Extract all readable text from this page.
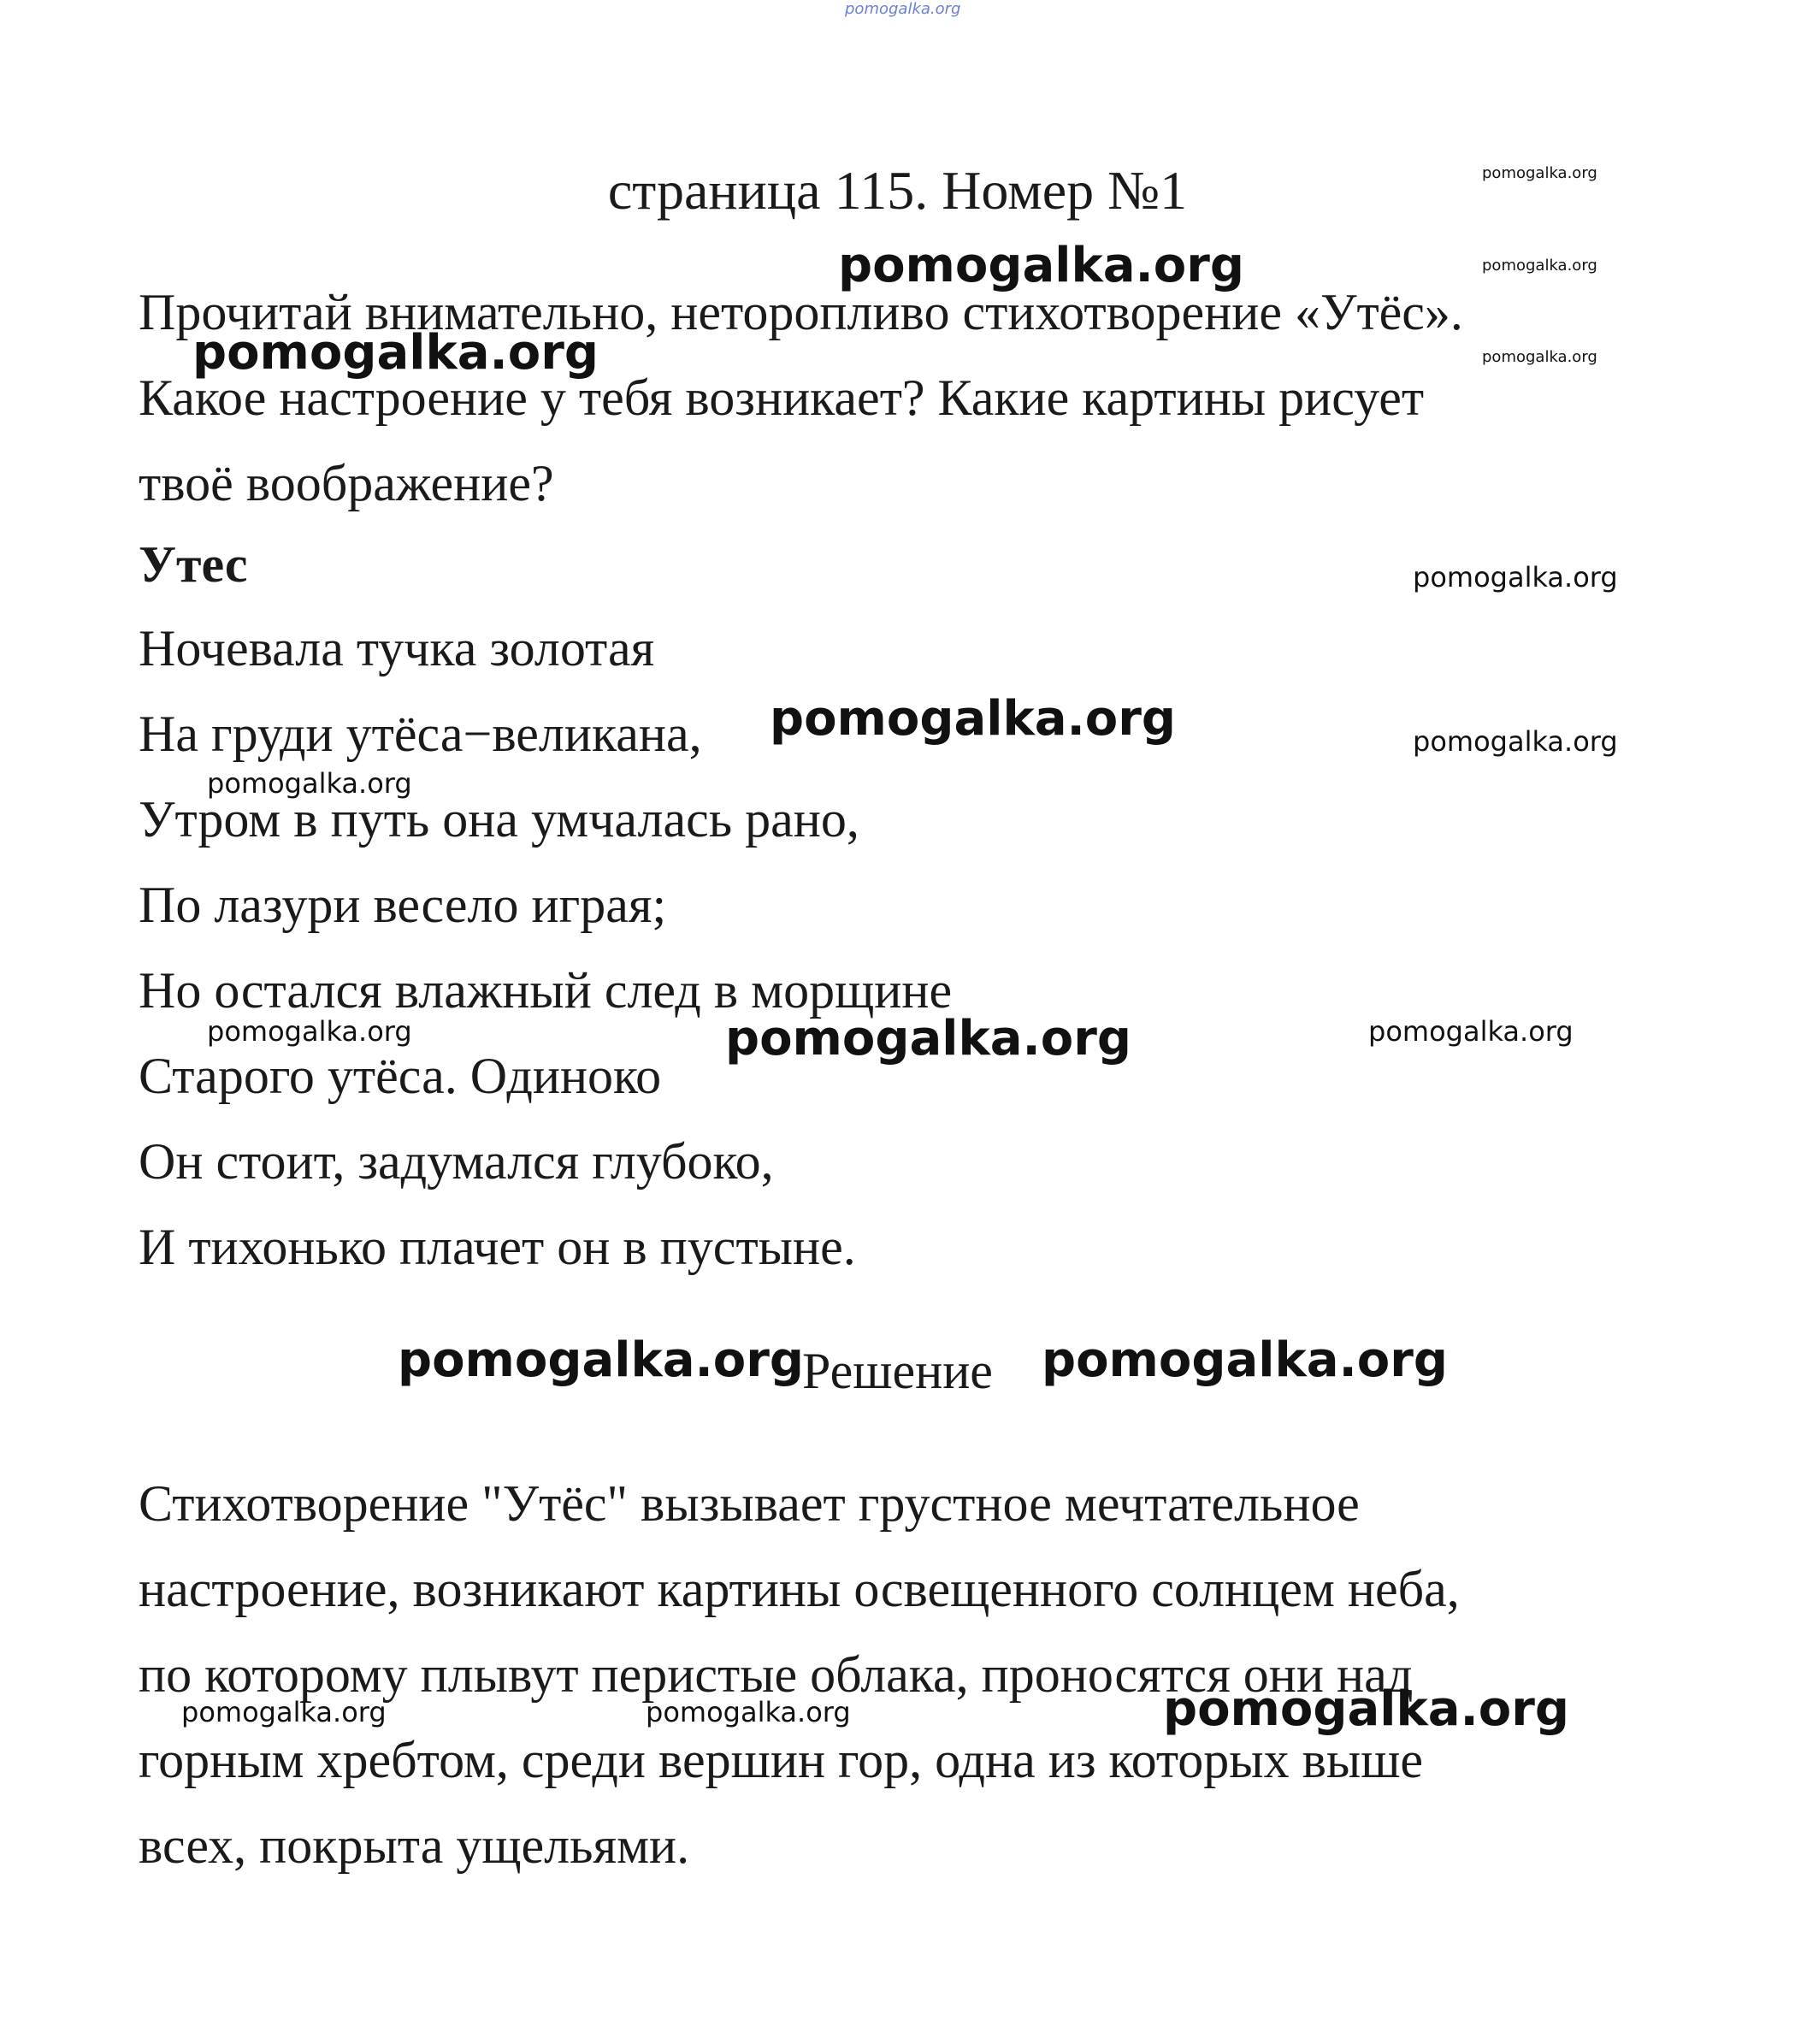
pomogalka.org
страница 115. Номер №1
Прочитай внимательно, неторопливо стихотворение «Утёс».
Какое настроение у тебя возникает? Какие картины рисует
твоё воображение?
Утес
Ночевала тучка золотая
На груди утёса−великана,
Утром в путь она умчалась рано,
По лазури весело играя;
Но остался влажный след в морщине
Старого утёса. Одиноко
Он стоит, задумался глубоко,
И тихонько плачет он в пустыне.
Решение
Стихотворение "Утёс" вызывает грустное мечтательное
настроение, возникают картины освещенного солнцем неба,
по которому плывут перистые облака, проносятся они над
горным хребтом, среди вершин гор, одна из которых выше
всех, покрыта ущельями.
pomogalka.org
pomogalka.org
pomogalka.org
pomogalka.org
pomogalka.org
pomogalka.org
pomogalka.org	pomogalka.org
pomogalka.org
pomogalka.org	pomogalka.org	pomogalka.org
pomogalka.org	pomogalka.org
pomogalka.org	pomogalka.org	pomogalka.org
